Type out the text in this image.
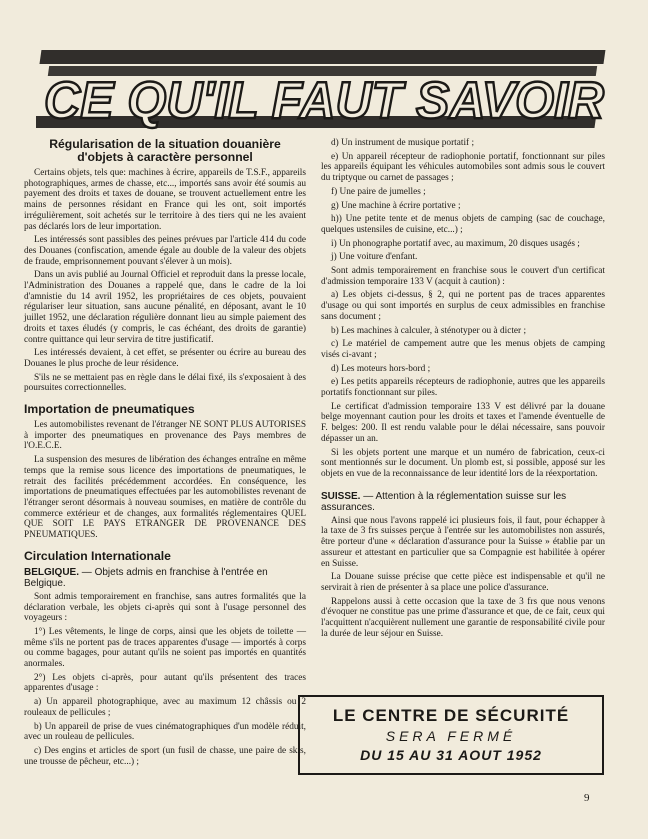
CE QU'IL FAUT SAVOIR
Régularisation de la situation douanière
d'objets à caractère personnel

Certains objets, tels que: machines à écrire, appareils de T.S.F., appareils photographiques, armes de chasse, etc..., importés sans avoir été soumis au payement des droits et taxes de douane, se trouvent actuellement entre les mains de personnes résidant en France qui les ont, soit importés irrégulièrement, soit achetés sur le territoire à des tiers qui ne les avaient pas déclarés lors de leur importation.

Les intéressés sont passibles des peines prévues par l'article 414 du code des Douanes (confiscation, amende égale au double de la valeur des objets de fraude, emprisonnement pouvant s'élever à un mois).

Dans un avis publié au Journal Officiel et reproduit dans la presse locale, l'Administration des Douanes a rappelé que, dans le cadre de la loi d'amnistie du 14 avril 1952, les propriétaires de ces objets, pouvaient régulariser leur situation, sans aucune pénalité, en déposant, avant le 10 juillet 1952, une déclaration régulière donnant lieu au simple paiement des droits et taxes éludés (y compris, le cas échéant, des droits de garantie) contre quittance qui leur servira de titre justificatif.

Les intéressés devaient, à cet effet, se présenter ou écrire au bureau des Douanes le plus proche de leur résidence.

S'ils ne se mettaient pas en règle dans le délai fixé, ils s'exposaient à des poursuites correctionnelles.

Importation de pneumatiques

Les automobilistes revenant de l'étranger NE SONT PLUS AUTORISES à importer des pneumatiques en provenance des Pays membres de l'O.E.C.E.

La suspension des mesures de libération des échanges entraîne en même temps que la remise sous licence des importations de pneumatiques, le retrait des facilités précédemment accordées. En conséquence, les importations de pneumatiques effectuées par les automobilistes revenant de l'étranger seront désormais à nouveau soumises, en matière de contrôle du commerce extérieur et de changes, aux formalités réglementaires QUEL QUE SOIT LE PAYS ETRANGER DE PROVENANCE DES PNEUMATIQUES.

Circulation Internationale
BELGIQUE. — Objets admis en franchise à l'entrée en Belgique.

Sont admis temporairement en franchise, sans autres formalités que la déclaration verbale, les objets ci-après qui sont à l'usage personnel des voyageurs :

1°) Les vêtements, le linge de corps, ainsi que les objets de toilette — même s'ils ne portent pas de traces apparentes d'usage — importés à corps ou comme bagages, pour autant qu'ils ne soient pas importés en quantités anormales.

2°) Les objets ci-après, pour autant qu'ils présentent des traces apparentes d'usage :

a) Un appareil photographique, avec au maximum 12 châssis ou 2 rouleaux de pellicules ;

b) Un appareil de prise de vues cinématographiques d'un modèle réduit, avec un rouleau de pellicules.

c) Des engins et articles de sport (un fusil de chasse, une paire de skis, une trousse de pêcheur, etc...) ;

d) Un instrument de musique portatif ;

e) Un appareil récepteur de radiophonie portatif, fonctionnant sur piles les appareils équipant les véhicules automobiles sont admis sous le couvert du triptyque ou carnet de passages ;

f) Une paire de jumelles ;

g) Une machine à écrire portative ;

h)) Une petite tente et de menus objets de camping (sac de couchage, quelques ustensiles de cuisine, etc...) ;

i) Un phonographe portatif avec, au maximum, 20 disques usagés ;

j) Une voiture d'enfant.

Sont admis temporairement en franchise sous le couvert d'un certificat d'admission temporaire 133 V (acquit à caution) :

a) Les objets ci-dessus, § 2, qui ne portent pas de traces apparentes d'usage ou qui sont importés en surplus de ceux admissibles en franchise sans document ;

b) Les machines à calculer, à sténotyper ou à dicter ;

c) Le matériel de campement autre que les menus objets de camping visés ci-avant ;

d) Les moteurs hors-bord ;

e) Les petits appareils récepteurs de radiophonie, autres que les appareils portatifs fonctionnant sur piles.

Le certificat d'admission temporaire 133 V est délivré par la douane belge moyennant caution pour les droits et taxes et l'amende éventuelle de F. belges: 200. Il est rendu valable pour le délai nécessaire, sans pouvoir dépasser un an.

Si les objets portent une marque et un numéro de fabrication, ceux-ci sont mentionnés sur le document. Un plomb est, si possible, apposé sur les objets en vue de la reconnaissance de leur identité lors de la réexportation.

SUISSE. — Attention à la réglementation suisse sur les assurances.

Ainsi que nous l'avons rappelé ici plusieurs fois, il faut, pour échapper à la taxe de 3 frs suisses perçue à l'entrée sur les automobilistes non assurés, être porteur d'une « déclaration d'assurance pour la Suisse » établie par un assureur et attestant en particulier que sa Compagnie est habilitée à opérer en Suisse.

La Douane suisse précise que cette pièce est indispensable et qu'il ne servirait à rien de présenter à sa place une police d'assurance.

Rappelons aussi à cette occasion que la taxe de 3 frs que nous venons d'évoquer ne constitue pas une prime d'assurance et que, de ce fait, ceux qui l'acquittent n'acquièrent nullement une garantie de responsabilité civile pour la durée de leur séjour en Suisse.

LE CENTRE DE SÉCURITÉ
SERA FERMÉ
DU 15 AU 31 AOUT 1952
9
